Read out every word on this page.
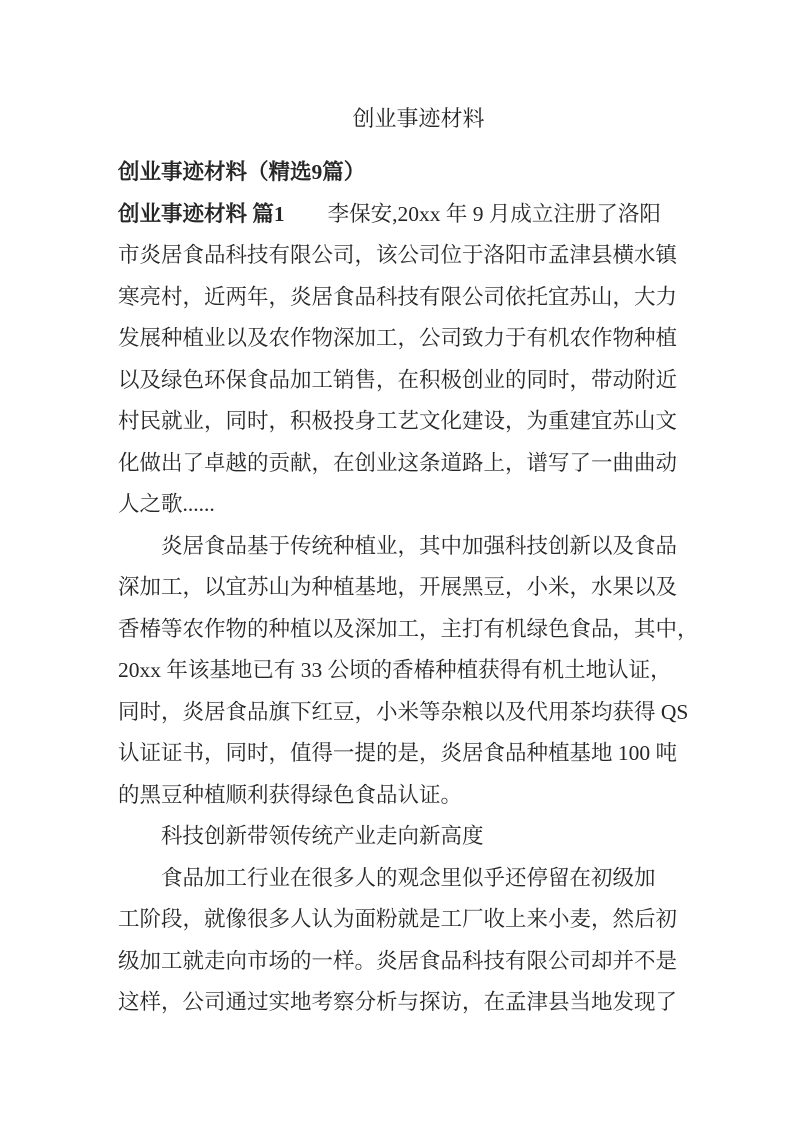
创业事迹材料
创业事迹材料（精选9篇）
创业事迹材料 篇1 李保安,20xx 年 9 月成立注册了洛阳
市炎居食品科技有限公司，该公司位于洛阳市孟津县横水镇
寒亮村，近两年，炎居食品科技有限公司依托宜苏山，大力
发展种植业以及农作物深加工，公司致力于有机农作物种植
以及绿色环保食品加工销售，在积极创业的同时，带动附近
村民就业，同时，积极投身工艺文化建设，为重建宜苏山文
化做出了卓越的贡献，在创业这条道路上，谱写了一曲曲动
人之歌......
炎居食品基于传统种植业，其中加强科技创新以及食品
深加工，以宜苏山为种植基地，开展黑豆，小米，水果以及
香椿等农作物的种植以及深加工，主打有机绿色食品，其中，
20xx 年该基地已有 33 公顷的香椿种植获得有机土地认证，
同时，炎居食品旗下红豆，小米等杂粮以及代用茶均获得 QS
认证证书，同时，值得一提的是，炎居食品种植基地 100 吨
的黑豆种植顺利获得绿色食品认证。
科技创新带领传统产业走向新高度
食品加工行业在很多人的观念里似乎还停留在初级加
工阶段，就像很多人认为面粉就是工厂收上来小麦，然后初
级加工就走向市场的一样。炎居食品科技有限公司却并不是
这样，公司通过实地考察分析与探访，在孟津县当地发现了
